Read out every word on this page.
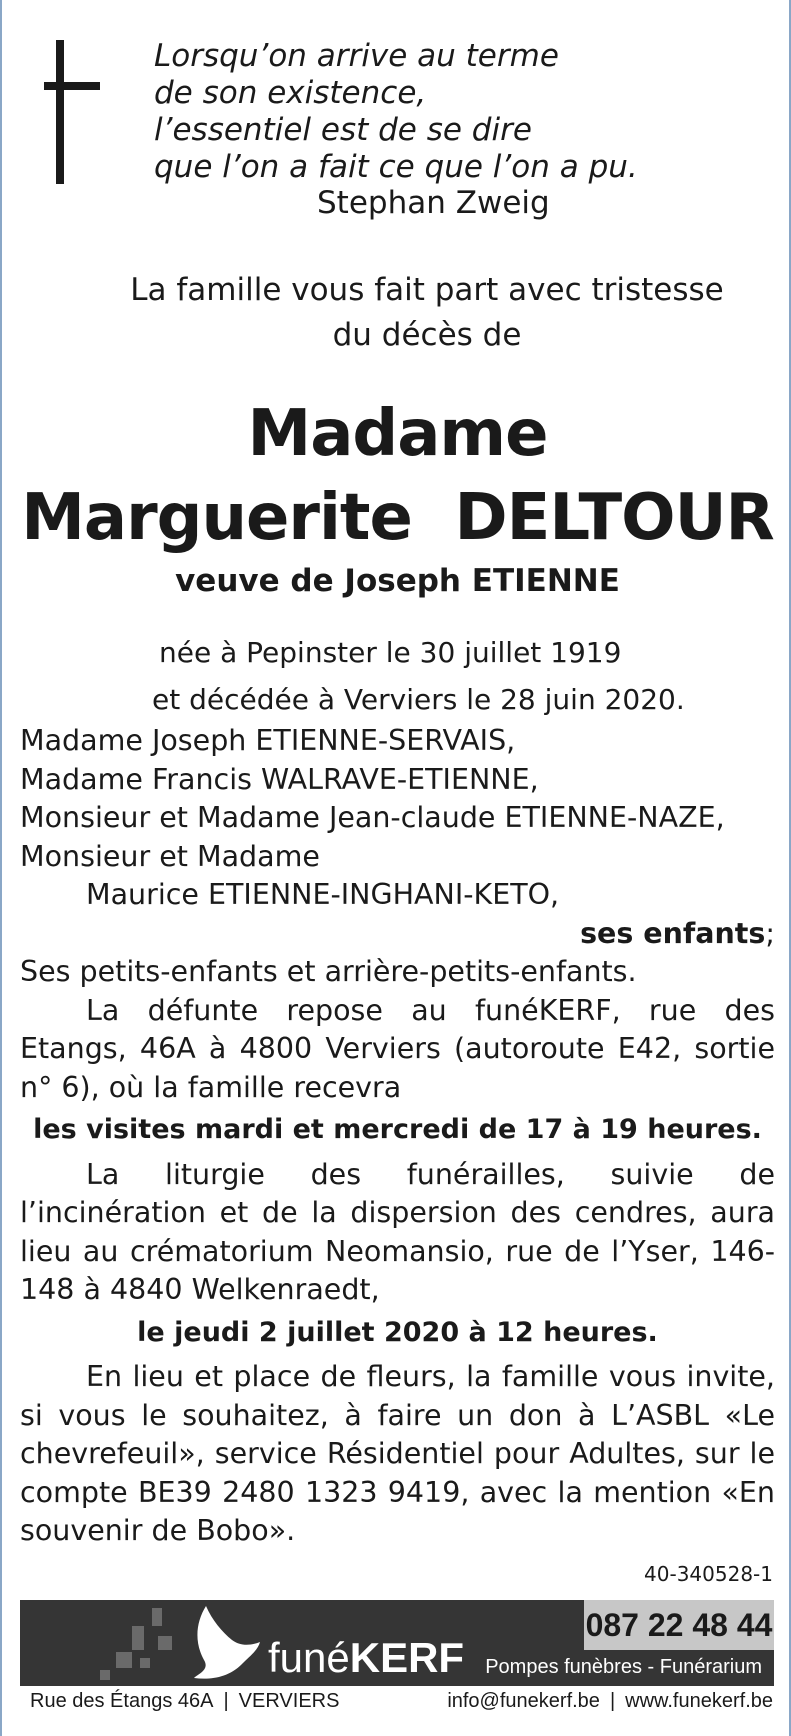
Lorsqu’on arrive au terme
de son existence,
l’essentiel est de se dire
que l’on a fait ce que l’on a pu.
Stephan Zweig
La famille vous fait part avec tristesse
du décès de
Madame
Marguerite  DELTOUR
veuve de Joseph ETIENNE
née à Pepinster le 30 juillet 1919
et décédée à Verviers le 28 juin 2020.

Madame Joseph ETIENNE-SERVAIS,

Madame Francis WALRAVE-ETIENNE,

Monsieur et Madame Jean-claude ETIENNE-NAZE,

Monsieur et Madame

Maurice ETIENNE-INGHANI-KETO,

ses enfants;

Ses petits-enfants et arrière-petits-enfants.

La défunte repose au funéKERF, rue des Etangs, 46A à 4800 Verviers (autoroute E42, sortie n° 6), où la famille recevra

les visites mardi et mercredi de 17 à 19 heures.

La liturgie des funérailles, suivie de l’incinération et de la dispersion des cendres, aura lieu au crématorium Neomansio, rue de l’Yser, 146-148 à 4840 Welkenraedt,

le jeudi 2 juillet 2020 à 12 heures.

En lieu et place de fleurs, la famille vous invite, si vous le souhaitez, à faire un don à L’ASBL «Le chevrefeuil», service Résidentiel pour Adultes, sur le compte BE39 2480 1323 9419, avec la mention «En souvenir de Bobo».

40-340528-1
funéKERF
087 22 48 44
Pompes funèbres - Funérarium
Rue des Étangs 46A | VERVIERS	info@funekerf.be | www.funekerf.be
